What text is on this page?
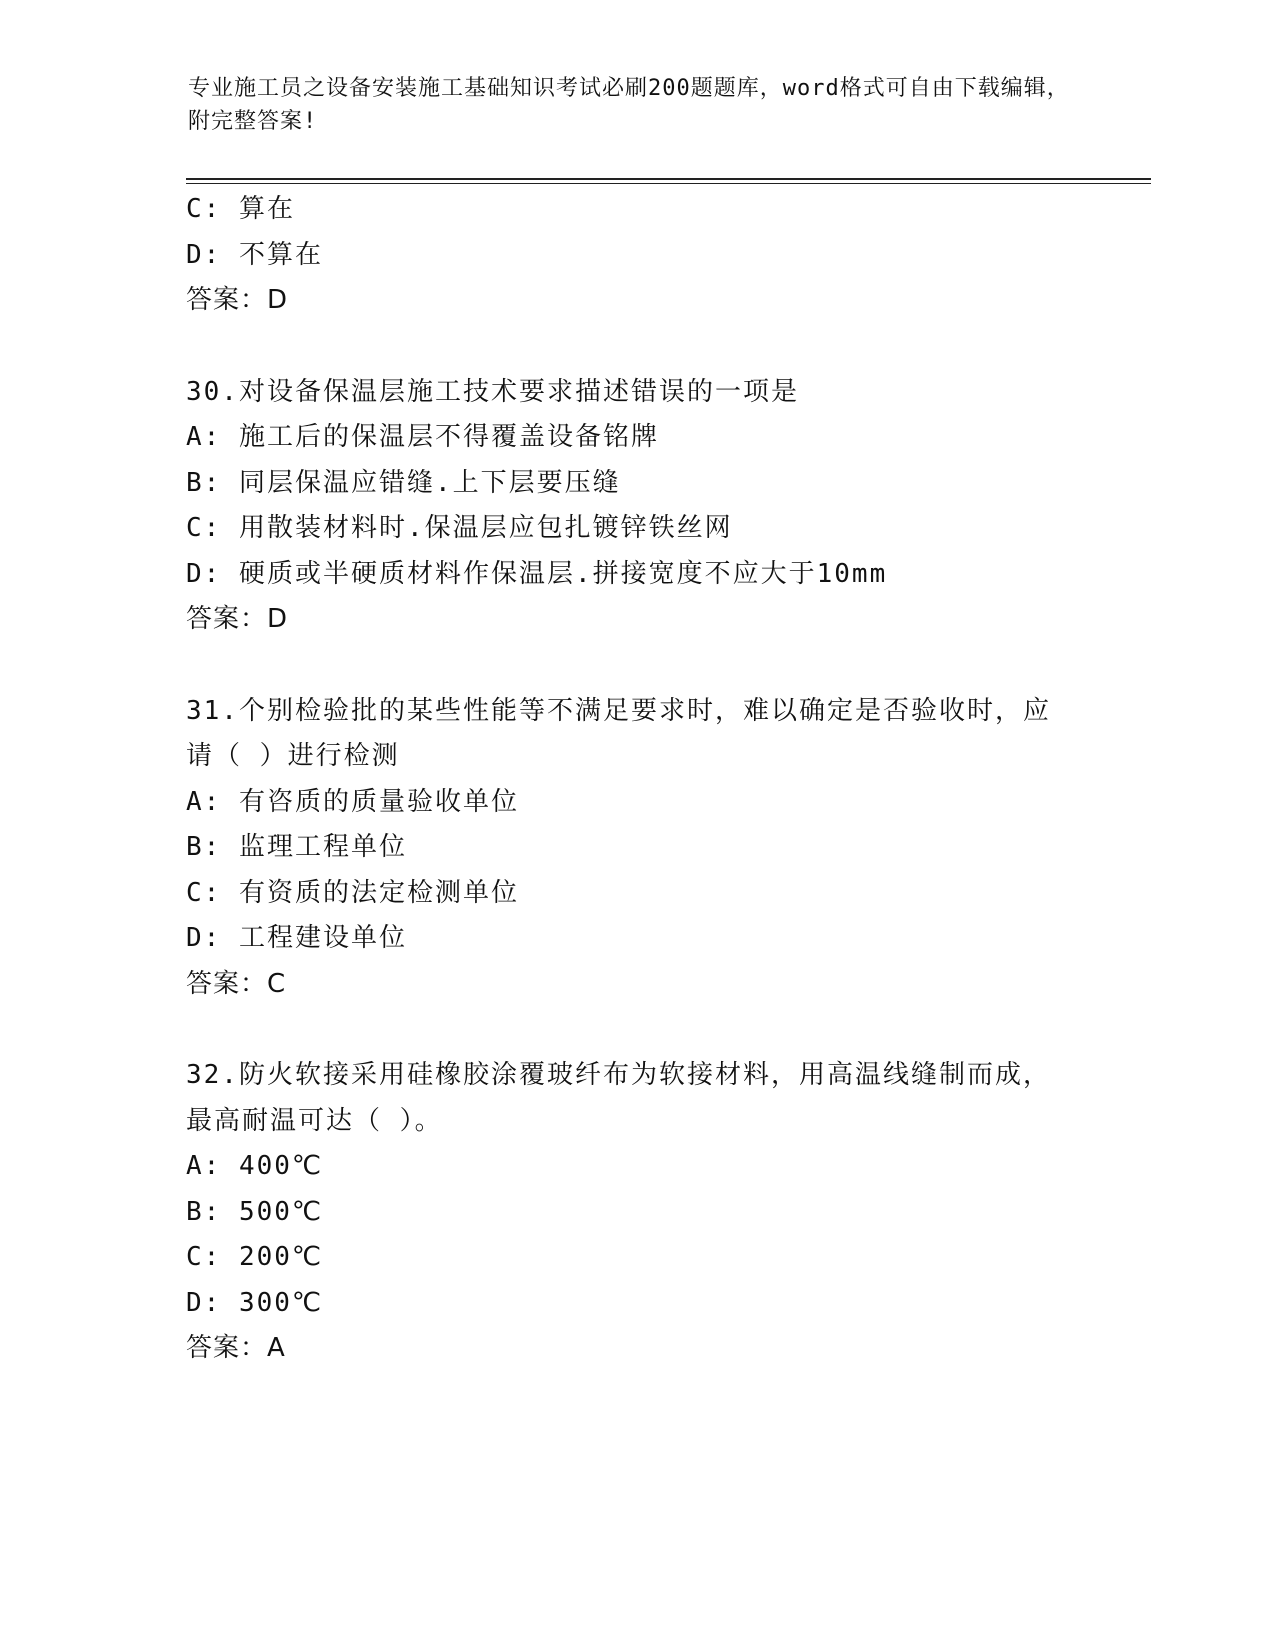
专业施工员之设备安装施工基础知识考试必刷200题题库，word格式可自由下载编辑，附完整答案!
C: 算在
D: 不算在
答案：D
30.对设备保温层施工技术要求描述错误的一项是
A: 施工后的保温层不得覆盖设备铭牌
B: 同层保温应错缝.上下层要压缝
C: 用散装材料时.保温层应包扎镀锌铁丝网
D: 硬质或半硬质材料作保温层.拼接宽度不应大于10mm
答案：D
31.个别检验批的某些性能等不满足要求时，难以确定是否验收时，应
请（ ）进行检测
A: 有咨质的质量验收单位
B: 监理工程单位
C: 有资质的法定检测单位
D: 工程建设单位
答案：C
32.防火软接采用硅橡胶涂覆玻纤布为软接材料，用高温线缝制而成，
最高耐温可达（ ）。
A: 400℃
B: 500℃
C: 200℃
D: 300℃
答案：A
